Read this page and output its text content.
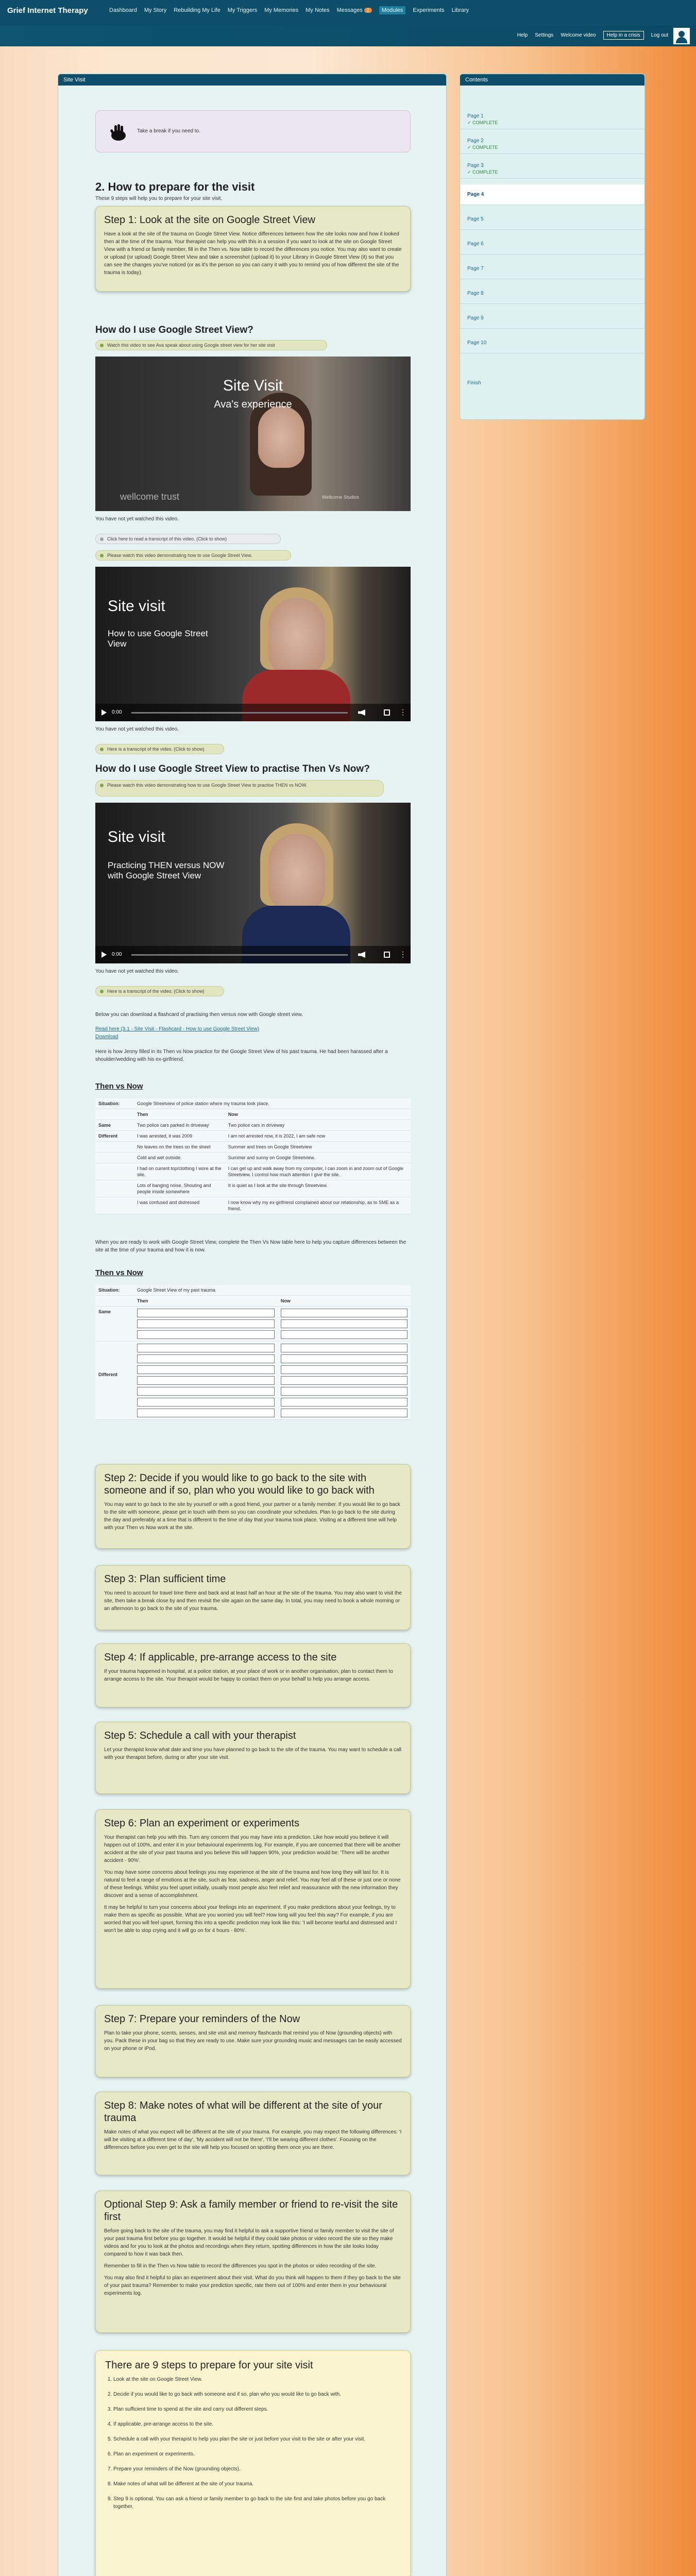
Grief Internet Therapy	Dashboard My Story Rebuilding My Life My Triggers My Memories My Notes Messages 2	Modules	Experiments Library
Help Settings Welcome video	Help in a crisis	Log out
Site Visit
Take a break if you need to.
2. How to prepare for the visit
These 9 steps will help you to prepare for your site visit.
Step 1: Look at the site on Google Street View

Have a look at the site of the trauma on Google Street View. Notice differences between how the site looks now and how it looked then at the time of the trauma. Your therapist can help you with this in a session if you want to look at the site on Google Street View with a friend or family member, fill in the Then vs. Now table to record the differences you notice. You may also want to create or upload (or upload) Google Street View and take a screenshot (upload it) to your Library in Google Street View (it) so that you can see the changes you've noticed (or as it's the person so you can carry it with you to remind you of how different the site of the trauma is today).

How do I use Google Street View?
Watch this video to see Ava speak about using Google street view for her site visit
Site Visit
Ava's experience
wellcome trust	Wellcome Studios
You have not yet watched this video.
Click here to read a transcript of this video. (Click to show)
Please watch this video demonstrating how to use Google Street View.
Site visit
How to use Google Street View
0:00	⋮
You have not yet watched this video.
Here is a transcript of the video. (Click to show)
How do I use Google Street View to practise Then Vs Now?
Please watch this video demonstrating how to use Google Street View to practise THEN vs NOW.
Site visit
Practicing THEN versus NOW with Google Street View
0:00	⋮
You have not yet watched this video.
Here is a transcript of the video. (Click to show)
Below you can download a flashcard of practising then versus now with Google street view.
Read here (3.1 - Site Visit - Flashcard - How to use Google Street View)
Download
Here is how Jenny filled in its Then vs Now practice for the Google Street View of his past trauma. He had been harassed after a shoulder/wedding with his ex-girlfriend.
Then vs Now
Situation:	Google Streetview of police station where my trauma took place.	
	Then	Now
Same	Two police cars parked in driveway	Two police cars in driveway
Different	I was arrested, it was 2009	I am not arrested now, it is 2022, I am safe now
	No leaves on the trees on the street	Summer and trees on Google Streetview
	Cold and wet outside.	Summer and sunny on Google Streetview.
	I had on current top/clothing I wore at the site.	I can get up and walk away from my computer, I can zoom in and zoom out of Google Streetview. I control how much attention I give the site.
	Lots of banging noise, Shouting and people inside somewhere	It is quiet as I look at the site through Streetview.
	I was confused and distressed	I now know why my ex-girlfriend complained about our relationship, as to SME as a friend.
When you are ready to work with Google Street View, complete the Then Vs Now table here to help you capture differences between the site at the time of your trauma and how it is now.
Then vs Now
Situation:	Google Street View of my past trauma	
	Then	Now
Same	

Different	

Step 2: Decide if you would like to go back to the site with someone and if so, plan who you would like to go back with

You may want to go back to the site by yourself or with a good friend, your partner or a family member. If you would like to go back to the site with someone, please get in touch with them so you can coordinate your schedules. Plan to go back to the site during the day and preferably at a time that is different to the time of day that your trauma took place. Visiting at a different time will help with your Then vs Now work at the site.

Step 3: Plan sufficient time

You need to account for travel time there and back and at least half an hour at the site of the trauma. You may also want to visit the site, then take a break close by and then revisit the site again on the same day. In total, you may need to book a whole morning or an afternoon to go back to the site of your trauma.

Step 4: If applicable, pre-arrange access to the site

If your trauma happened in hospital, at a police station, at your place of work or in another organisation, plan to contact them to arrange access to the site. Your therapist would be happy to contact them on your behalf to help you arrange access.

Step 5: Schedule a call with your therapist

Let your therapist know what date and time you have planned to go back to the site of the trauma. You may want to schedule a call with your therapist before, during or after your site visit.

Step 6: Plan an experiment or experiments

Your therapist can help you with this. Turn any concern that you may have into a prediction. Like how would you believe it will happen out of 100%, and enter it in your behavioural experiments log. For example, if you are concerned that there will be another accident at the site of your past trauma and you believe this will happen 90%, your prediction would be: 'There will be another accident - 90%'.

You may have some concerns about feelings you may experience at the site of the trauma and how long they will last for. It is natural to feel a range of emotions at the site, such as fear, sadness, anger and relief. You may feel all of these or just one or none of these feelings. Whilst you feel upset initially, usually most people also feel relief and reassurance with the new information they discover and a sense of accomplishment.

It may be helpful to turn your concerns about your feelings into an experiment. If you make predictions about your feelings, try to make them as specific as possible. What are you worried you will feel? How long will you feel this way? For example, if you are worried that you will feel upset, forming this into a specific prediction may look like this: 'I will become tearful and distressed and I won't be able to stop crying and it will go on for 4 hours - 80%'.

Step 7: Prepare your reminders of the Now

Plan to take your phone, scents, senses, and site visit and memory flashcards that remind you of Now (grounding objects) with you. Pack these in your bag so that they are ready to use. Make sure your grounding music and messages can be easily accessed on your phone or iPod.

Step 8: Make notes of what will be different at the site of your trauma

Make notes of what you expect will be different at the site of your trauma. For example, you may expect the following differences: 'I will be visiting at a different time of day', 'My accident will not be there', 'I'll be wearing different clothes'. Focusing on the differences before you even get to the site will help you focused on spotting them once you are there.

Optional Step 9: Ask a family member or friend to re-visit the site first

Before going back to the site of the trauma, you may find it helpful to ask a supportive friend or family member to visit the site of your past trauma first before you go together. It would be helpful if they could take photos or video record the site so they make videos and for you to look at the photos and recordings when they return, spotting differences in how the site looks today compared to how it was back then.

Remember to fill in the Then vs Now table to record the differences you spot in the photos or video recording of the site.

You may also find it helpful to plan an experiment about their visit. What do you think will happen to them if they go back to the site of your past trauma? Remember to make your prediction specific, rate them out of 100% and enter them in your behavioural experiments log.

There are 9 steps to prepare for your site visit
1. Look at the site on Google Street View.
2. Decide if you would like to go back with someone and if so, plan who you would like to go back with.
3. Plan sufficient time to spend at the site and carry out different steps.
4. If applicable, pre-arrange access to the site.
5. Schedule a call with your therapist to help you plan the site or just before your visit to the site or after your visit.
6. Plan an experiment or experiments.
7. Prepare your reminders of the Now (grounding objects).
8. Make notes of what will be different at the site of your trauma.
9. Step 9 is optional. You can ask a friend or family member to go back to the site first and take photos before you go back together.
Contents
Page 1
✓ COMPLETE
Page 2
✓ COMPLETE
Page 3
✓ COMPLETE
Page 4
Page 5
Page 6
Page 7
Page 8
Page 9
Page 10
Finish
